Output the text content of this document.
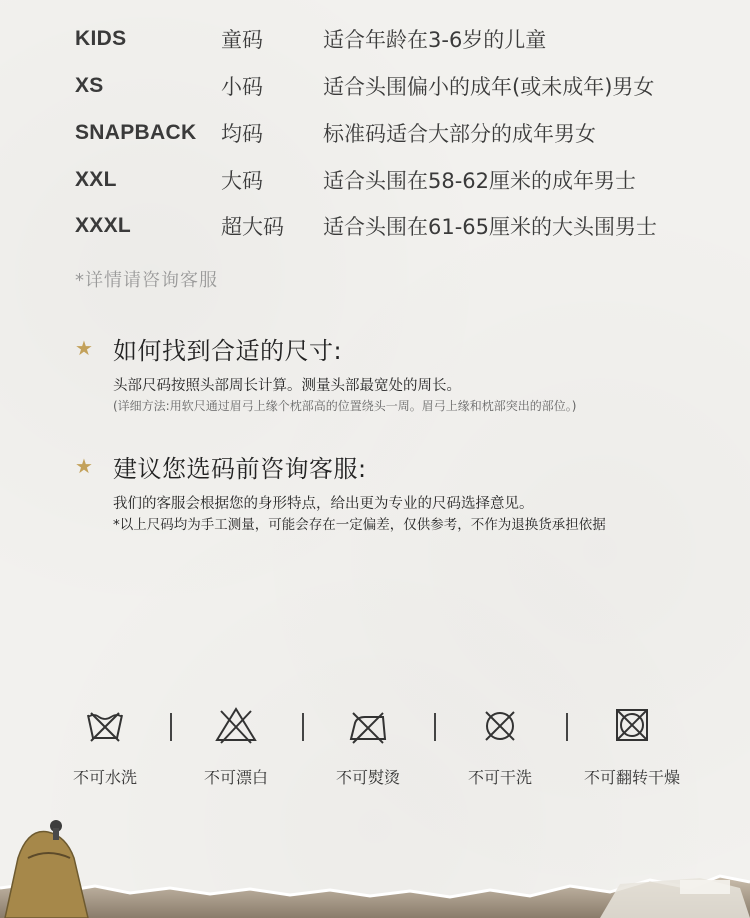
KIDS	童码	适合年龄在3-6岁的儿童
XS	小码	适合头围偏小的成年(或未成年)男女
SNAPBACK	均码	标准码适合大部分的成年男女
XXL	大码	适合头围在58-62厘米的成年男士
XXXL	超大码	适合头围在61-65厘米的大头围男士
*详情请咨询客服
★ 如何找到合适的尺寸:
头部尺码按照头部周长计算。测量头部最宽处的周长。
(详细方法:用软尺通过眉弓上缘个枕部高的位置绕头一周。眉弓上缘和枕部突出的部位。)
★ 建议您选码前咨询客服:
我们的客服会根据您的身形特点，给出更为专业的尺码选择意见。
*以上尺码均为手工测量，可能会存在一定偏差，仅供参考，不作为退换货承担依据
不可水洗	不可漂白	不可熨烫	不可干洗	不可翻转干燥
